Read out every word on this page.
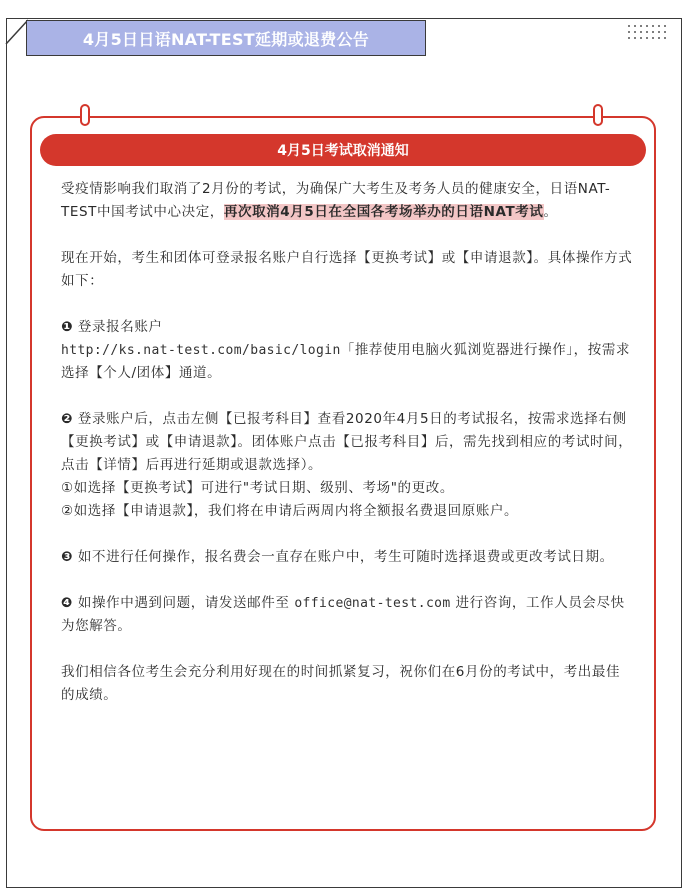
4月5日日语NAT-TEST延期或退费公告
4月5日考试取消通知

受疫情影响我们取消了2月份的考试，为确保广大考生及考务人员的健康安全，日语NAT-TEST中国考试中心决定，再次取消4月5日在全国各考场举办的日语NAT考试。

现在开始，考生和团体可登录报名账户自行选择【更换考试】或【申请退款】。具体操作方式如下：

❶ 登录报名账户

http://ks.nat-test.com/basic/login「推荐使用电脑火狐浏览器进行操作」，按需求选择【个人/团体】通道。

❷ 登录账户后，点击左侧【已报考科目】查看2020年4月5日的考试报名，按需求选择右侧【更换考试】或【申请退款】。团体账户点击【已报考科目】后，需先找到相应的考试时间，点击【详情】后再进行延期或退款选择）。

①如选择【更换考试】可进行"考试日期、级别、考场"的更改。

②如选择【申请退款】，我们将在申请后两周内将全额报名费退回原账户。

❸ 如不进行任何操作，报名费会一直存在账户中，考生可随时选择退费或更改考试日期。

❹ 如操作中遇到问题，请发送邮件至 office@nat-test.com 进行咨询，工作人员会尽快为您解答。

我们相信各位考生会充分利用好现在的时间抓紧复习，祝你们在6月份的考试中，考出最佳的成绩。
